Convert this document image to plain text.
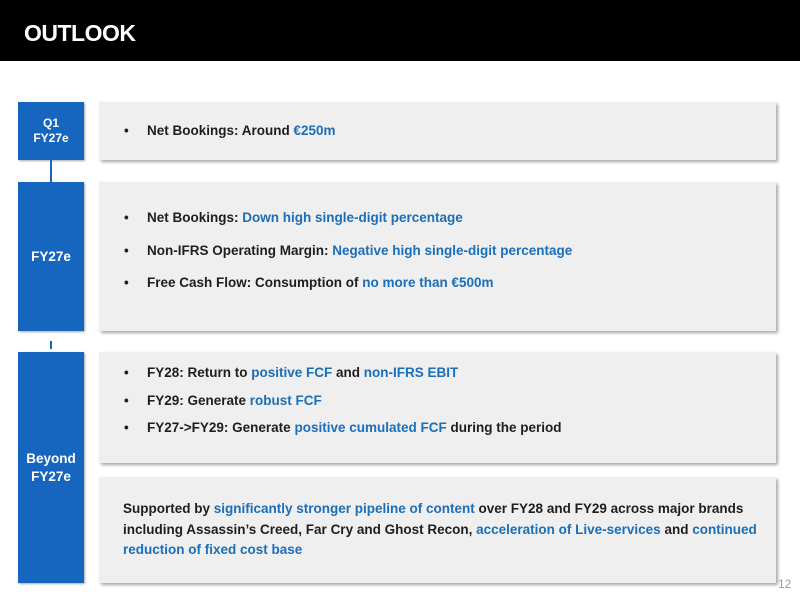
OUTLOOK
Q1
FY27e
FY27e
Beyond
FY27e
• Net Bookings: Around €250m
• Net Bookings: Down high single-digit percentage
• Non-IFRS Operating Margin: Negative high single-digit percentage
• Free Cash Flow: Consumption of no more than €500m
• FY28: Return to positive FCF and non-IFRS EBIT
• FY29: Generate robust FCF
• FY27->FY29: Generate positive cumulated FCF during the period

Supported by significantly stronger pipeline of content over FY28 and FY29 across major brands including Assassin’s Creed, Far Cry and Ghost Recon, acceleration of Live-services and continued reduction of fixed cost base

12
